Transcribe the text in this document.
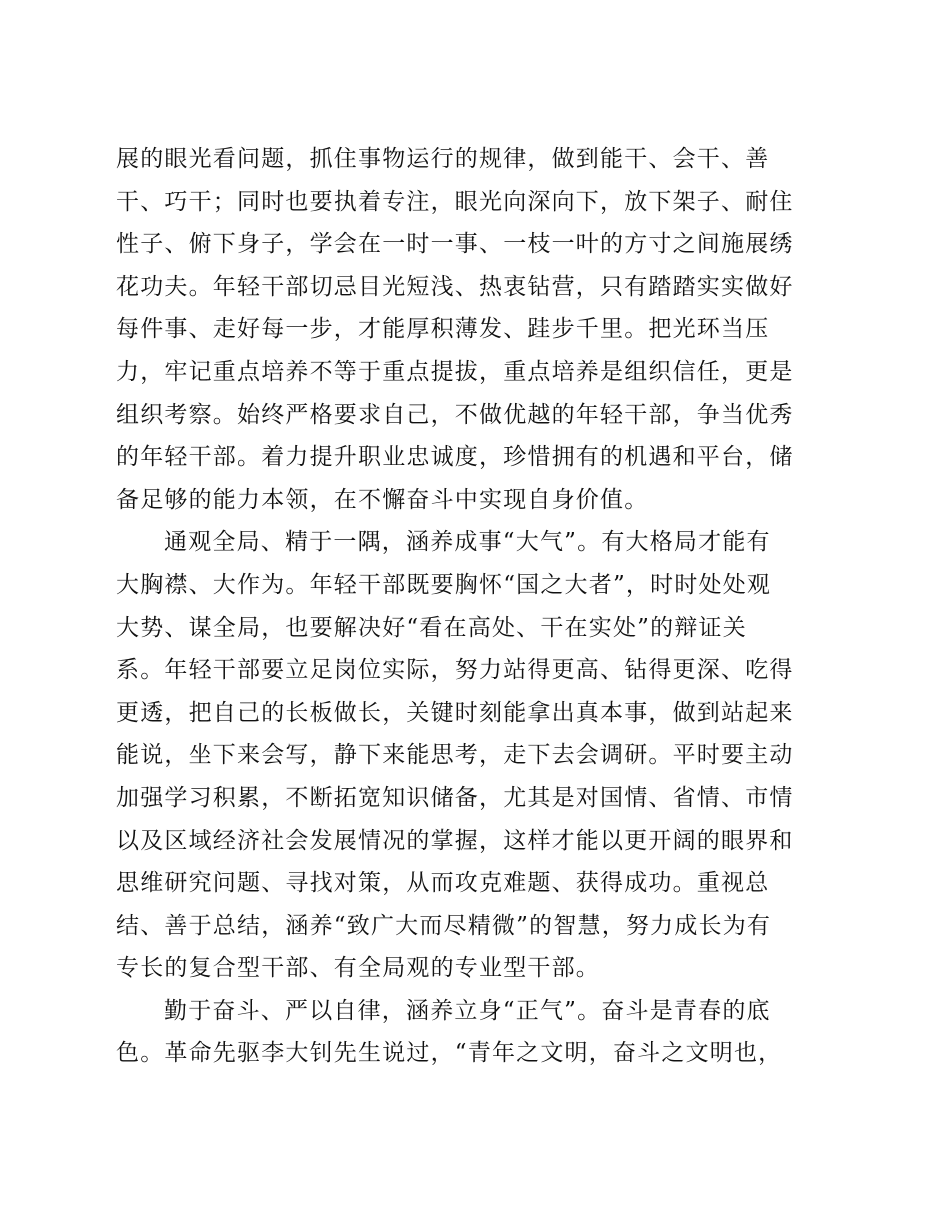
展的眼光看问题，抓住事物运行的规律，做到能干、会干、善
干、巧干；同时也要执着专注，眼光向深向下，放下架子、耐住
性子、俯下身子，学会在一时一事、一枝一叶的方寸之间施展绣
花功夫。年轻干部切忌目光短浅、热衷钻营，只有踏踏实实做好
每件事、走好每一步，才能厚积薄发、跬步千里。把光环当压
力，牢记重点培养不等于重点提拔，重点培养是组织信任，更是
组织考察。始终严格要求自己，不做优越的年轻干部，争当优秀
的年轻干部。着力提升职业忠诚度，珍惜拥有的机遇和平台，储
备足够的能力本领，在不懈奋斗中实现自身价值。
通观全局、精于一隅，涵养成事“大气”。有大格局才能有
大胸襟、大作为。年轻干部既要胸怀“国之大者”，时时处处观
大势、谋全局，也要解决好“看在高处、干在实处”的辩证关
系。年轻干部要立足岗位实际，努力站得更高、钻得更深、吃得
更透，把自己的长板做长，关键时刻能拿出真本事，做到站起来
能说，坐下来会写，静下来能思考，走下去会调研。平时要主动
加强学习积累，不断拓宽知识储备，尤其是对国情、省情、市情
以及区域经济社会发展情况的掌握，这样才能以更开阔的眼界和
思维研究问题、寻找对策，从而攻克难题、获得成功。重视总
结、善于总结，涵养“致广大而尽精微”的智慧，努力成长为有
专长的复合型干部、有全局观的专业型干部。
勤于奋斗、严以自律，涵养立身“正气”。奋斗是青春的底
色。革命先驱李大钊先生说过，“青年之文明，奋斗之文明也，
